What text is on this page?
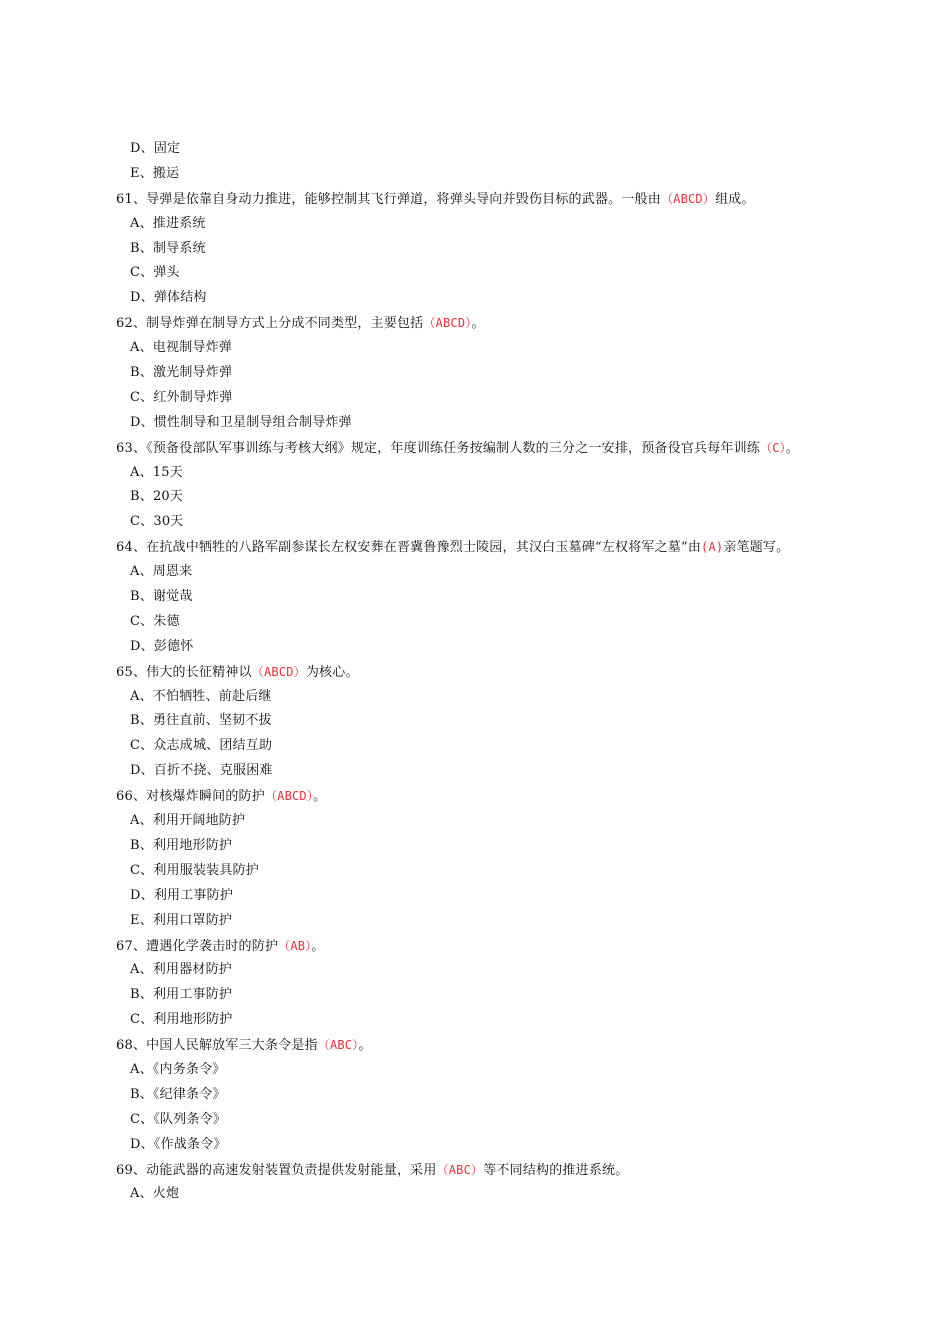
D、固定
E、搬运
61、导弹是依靠自身动力推进，能够控制其飞行弹道，将弹头导向并毁伤目标的武器。一般由（ABCD）组成。
A、推进系统
B、制导系统
C、弹头
D、弹体结构
62、制导炸弹在制导方式上分成不同类型，主要包括（ABCD）。
A、电视制导炸弹
B、激光制导炸弹
C、红外制导炸弹
D、惯性制导和卫星制导组合制导炸弹
63、《预备役部队军事训练与考核大纲》规定，年度训练任务按编制人数的三分之一安排，预备役官兵每年训练（C）。
A、15天
B、20天
C、30天
64、在抗战中牺牲的八路军副参谋长左权安葬在晋冀鲁豫烈士陵园，其汉白玉墓碑“左权将军之墓”由(A)亲笔题写。
A、周恩来
B、谢觉哉
C、朱德
D、彭德怀
65、伟大的长征精神以（ABCD）为核心。
A、不怕牺牲、前赴后继
B、勇往直前、坚韧不拔
C、众志成城、团结互助
D、百折不挠、克服困难
66、对核爆炸瞬间的防护（ABCD）。
A、利用开阔地防护
B、利用地形防护
C、利用服装装具防护
D、利用工事防护
E、利用口罩防护
67、遭遇化学袭击时的防护（AB）。
A、利用器材防护
B、利用工事防护
C、利用地形防护
68、中国人民解放军三大条令是指（ABC）。
A、《内务条令》
B、《纪律条令》
C、《队列条令》
D、《作战条令》
69、动能武器的高速发射装置负责提供发射能量，采用（ABC）等不同结构的推进系统。
A、火炮
